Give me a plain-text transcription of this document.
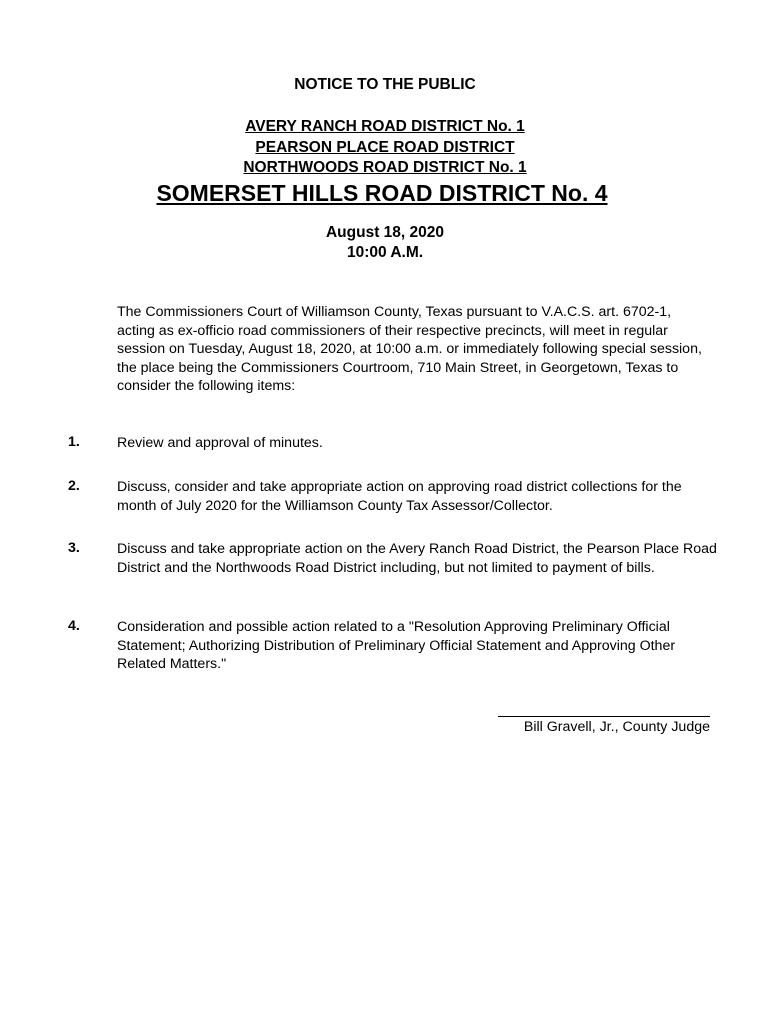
NOTICE TO THE PUBLIC
AVERY RANCH ROAD DISTRICT No. 1
PEARSON PLACE ROAD DISTRICT
NORTHWOODS ROAD DISTRICT No. 1
SOMERSET HILLS ROAD DISTRICT No. 4
August 18, 2020
10:00 A.M.
The Commissioners Court of Williamson County, Texas pursuant to V.A.C.S. art. 6702-1, acting as ex-officio road commissioners of their respective precincts, will meet in regular session on Tuesday, August 18, 2020, at 10:00 a.m. or immediately following special session, the place being the Commissioners Courtroom, 710 Main Street, in Georgetown, Texas to consider the following items:
1.	Review and approval of minutes.
2.	Discuss, consider and take appropriate action on approving road district collections for the month of July 2020 for the Williamson County Tax Assessor/Collector.
3.	Discuss and take appropriate action on the Avery Ranch Road District, the Pearson Place Road District and the Northwoods Road District including, but not limited to payment of bills.
4.	Consideration and possible action related to a "Resolution Approving Preliminary Official Statement; Authorizing Distribution of Preliminary Official Statement and Approving Other Related Matters."
Bill Gravell, Jr., County Judge
